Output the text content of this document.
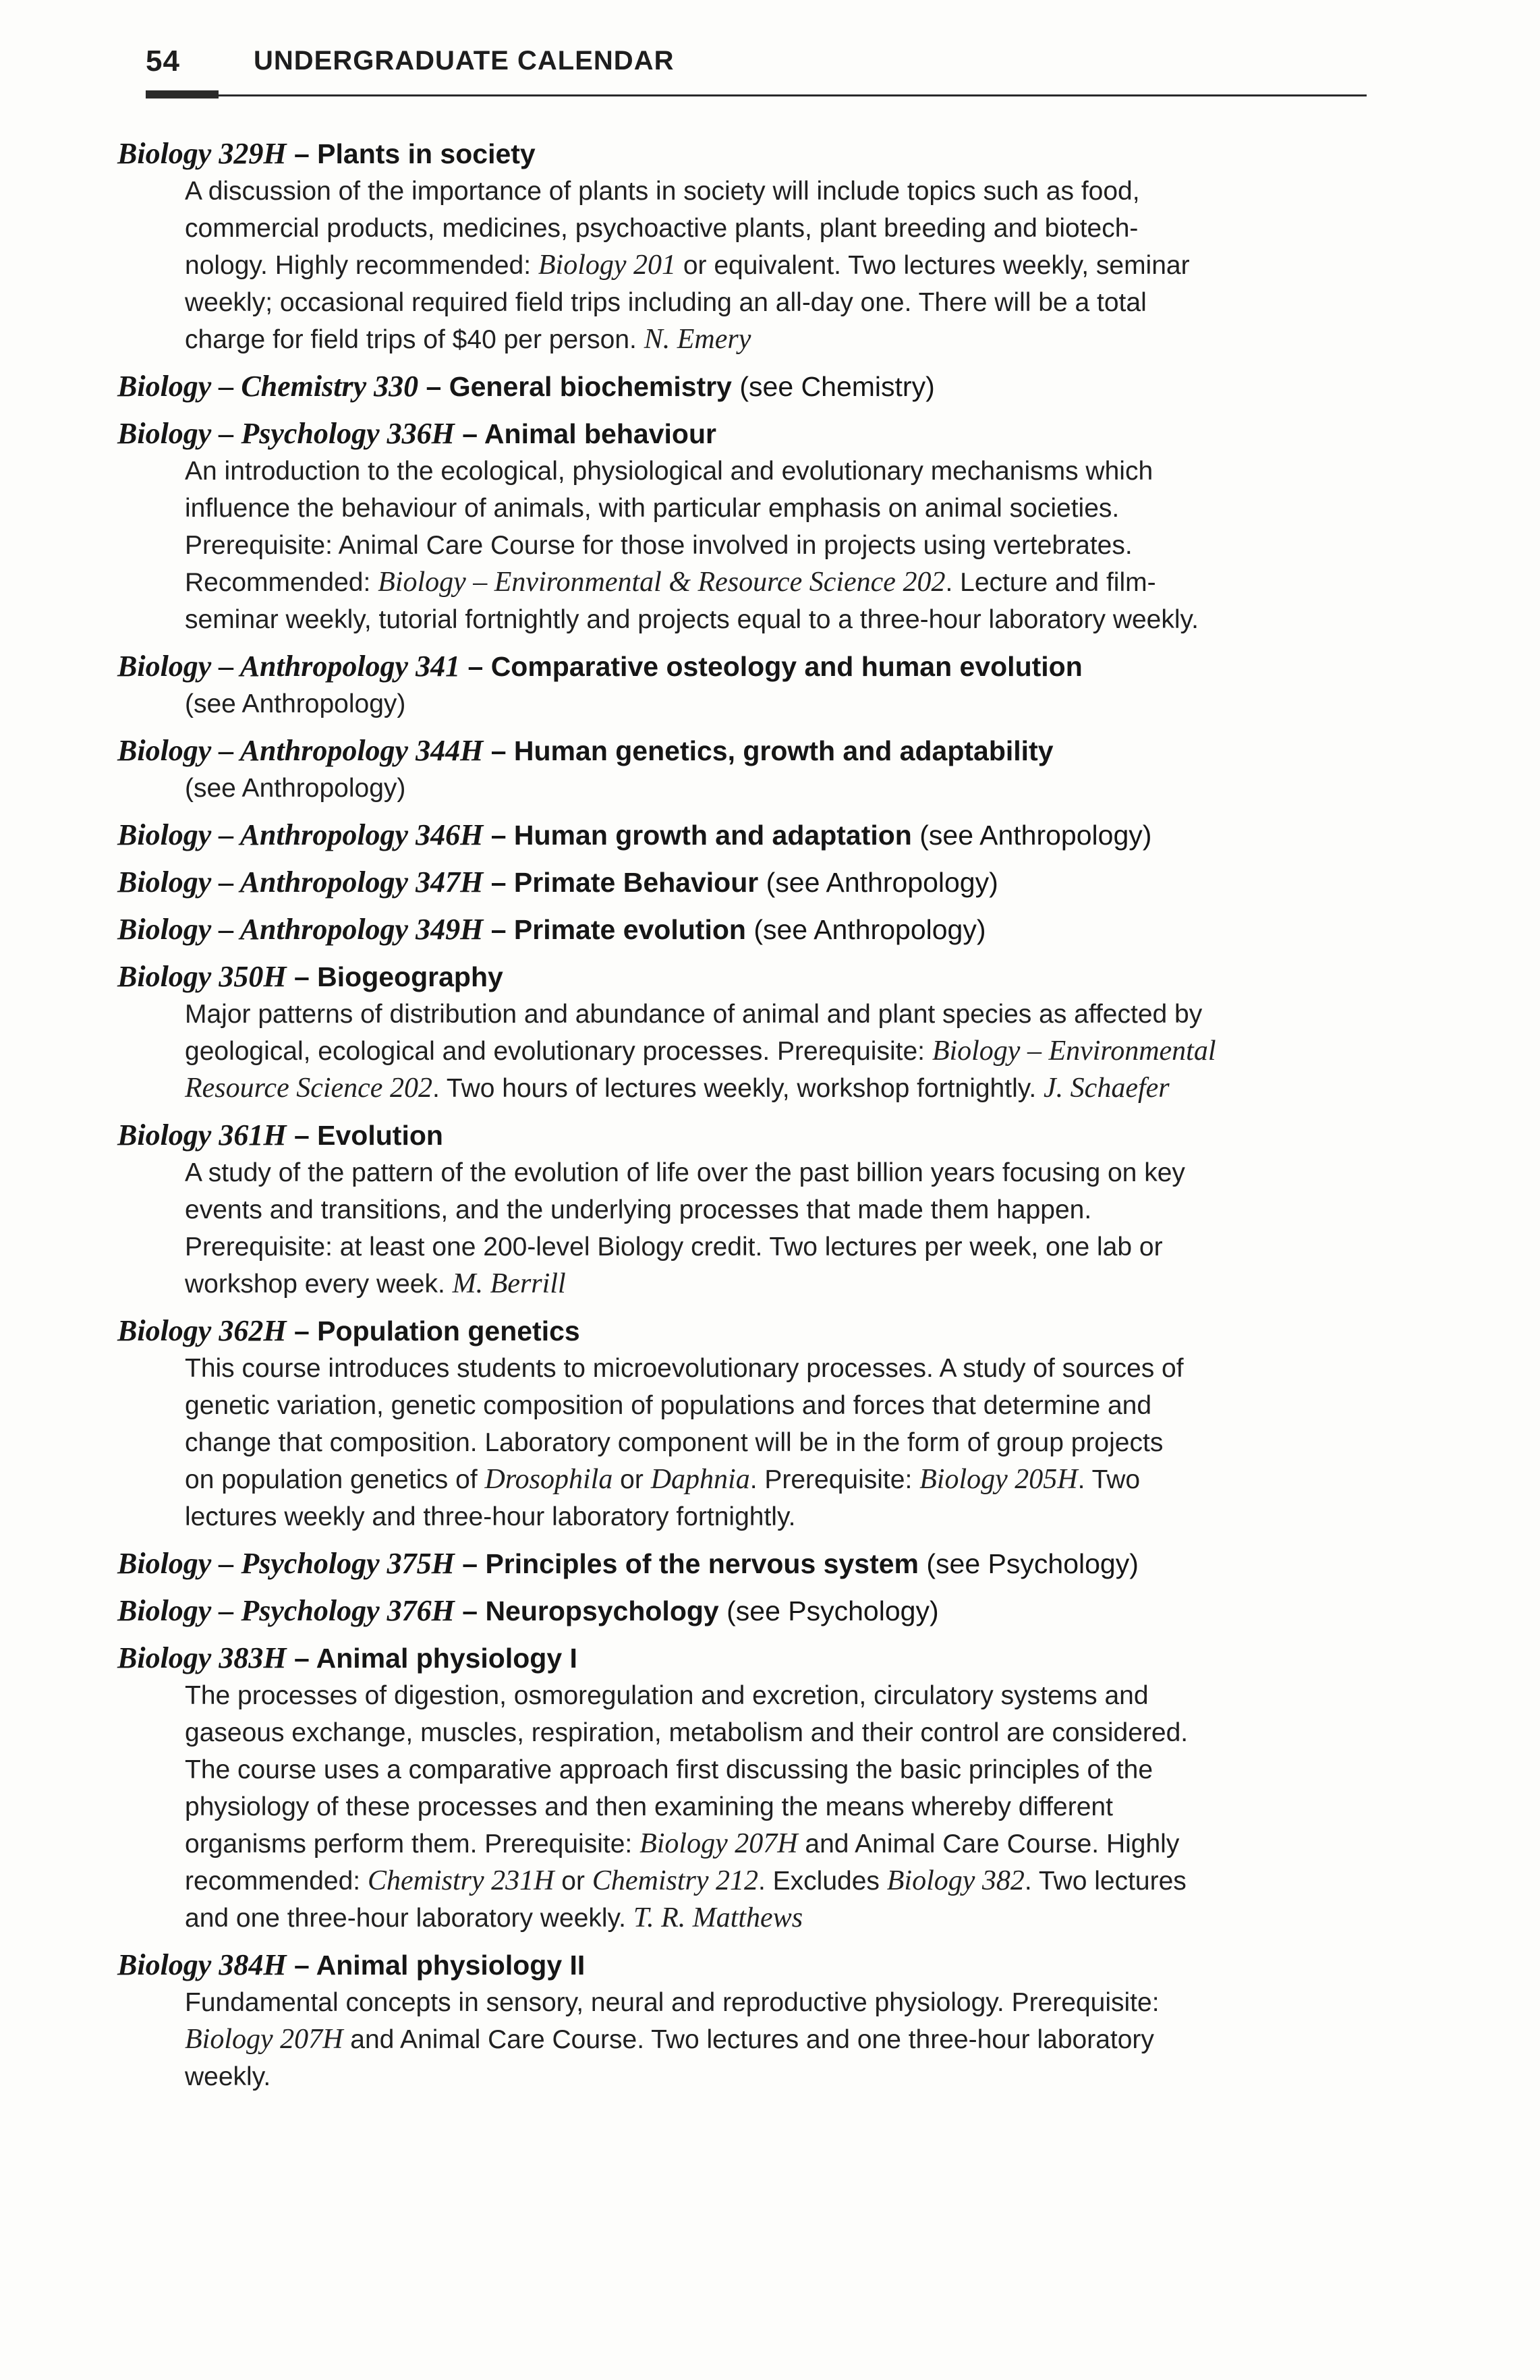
54	UNDERGRADUATE CALENDAR
Biology 329H – Plants in society
A discussion of the importance of plants in society will include topics such as food,
commercial products, medicines, psychoactive plants, plant breeding and biotech-
nology. Highly recommended: Biology 201 or equivalent. Two lectures weekly, seminar
weekly; occasional required field trips including an all-day one. There will be a total
charge for field trips of $40 per person. N. Emery
Biology – Chemistry 330 – General biochemistry (see Chemistry)
Biology – Psychology 336H – Animal behaviour
An introduction to the ecological, physiological and evolutionary mechanisms which
influence the behaviour of animals, with particular emphasis on animal societies.
Prerequisite: Animal Care Course for those involved in projects using vertebrates.
Recommended: Biology – Environmental & Resource Science 202. Lecture and film-
seminar weekly, tutorial fortnightly and projects equal to a three-hour laboratory weekly.
Biology – Anthropology 341 – Comparative osteology and human evolution
(see Anthropology)
Biology – Anthropology 344H – Human genetics, growth and adaptability
(see Anthropology)
Biology – Anthropology 346H – Human growth and adaptation (see Anthropology)
Biology – Anthropology 347H – Primate Behaviour (see Anthropology)
Biology – Anthropology 349H – Primate evolution (see Anthropology)
Biology 350H – Biogeography
Major patterns of distribution and abundance of animal and plant species as affected by
geological, ecological and evolutionary processes. Prerequisite: Biology – Environmental
Resource Science 202. Two hours of lectures weekly, workshop fortnightly. J. Schaefer
Biology 361H – Evolution
A study of the pattern of the evolution of life over the past billion years focusing on key
events and transitions, and the underlying processes that made them happen.
Prerequisite: at least one 200-level Biology credit. Two lectures per week, one lab or
workshop every week. M. Berrill
Biology 362H – Population genetics
This course introduces students to microevolutionary processes. A study of sources of
genetic variation, genetic composition of populations and forces that determine and
change that composition. Laboratory component will be in the form of group projects
on population genetics of Drosophila or Daphnia. Prerequisite: Biology 205H. Two
lectures weekly and three-hour laboratory fortnightly.
Biology – Psychology 375H – Principles of the nervous system (see Psychology)
Biology – Psychology 376H – Neuropsychology (see Psychology)
Biology 383H – Animal physiology I
The processes of digestion, osmoregulation and excretion, circulatory systems and
gaseous exchange, muscles, respiration, metabolism and their control are considered.
The course uses a comparative approach first discussing the basic principles of the
physiology of these processes and then examining the means whereby different
organisms perform them. Prerequisite: Biology 207H and Animal Care Course. Highly
recommended: Chemistry 231H or Chemistry 212. Excludes Biology 382. Two lectures
and one three-hour laboratory weekly. T. R. Matthews
Biology 384H – Animal physiology II
Fundamental concepts in sensory, neural and reproductive physiology. Prerequisite:
Biology 207H and Animal Care Course. Two lectures and one three-hour laboratory
weekly.
